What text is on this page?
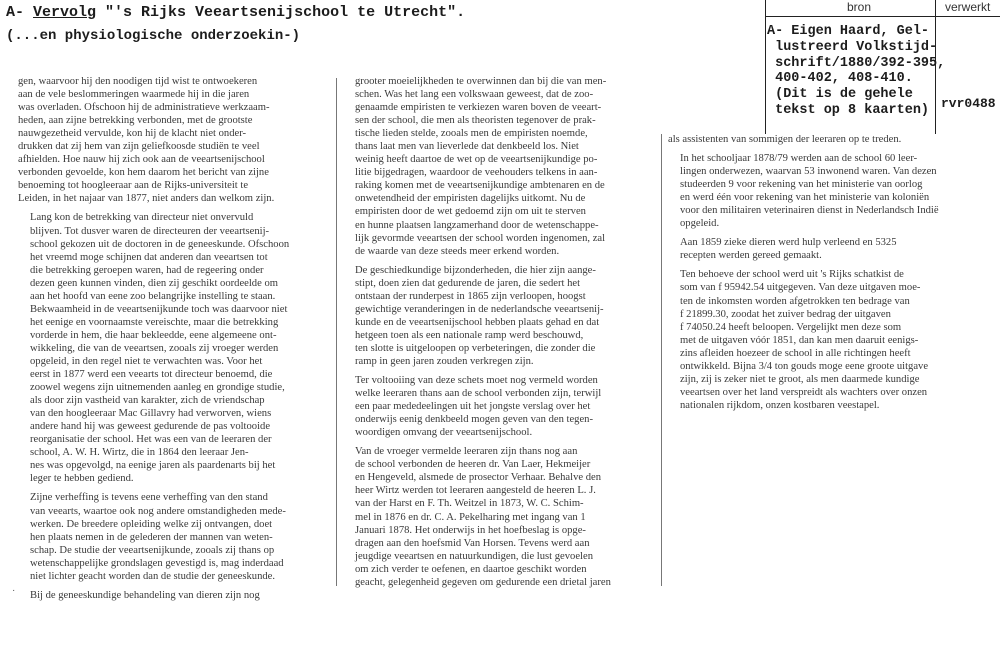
A- Vervolg "'s Rijks Veeartsenijschool te Utrecht".
(...en physiologische onderzoekin-)
bron	verwerkt
A- Eigen Haard, Gel-
lustreerd Volkstijd-
schrift/1880/392-395,
400-402, 408-410.
(Dit is de gehele
tekst op 8 kaarten) rvr0488
gen, waarvoor hij den noodigen tijd wist te ontwoekeren
aan de vele beslommeringen waarmede hij in die jaren
was overladen. Ofschoon hij de administratieve werkzaam-
heden, aan zijne betrekking verbonden, met de grootste
nauwgezetheid vervulde, kon hij de klacht niet onder-
drukken dat zij hem van zijn geliefkoosde studiën te veel
afhielden. Hoe nauw hij zich ook aan de veeartsenijschool
verbonden gevoelde, kon hem daarom het bericht van zijne
benoeming tot hoogleeraar aan de Rijks-universiteit te
Leiden, in het najaar van 1877, niet anders dan welkom zijn.
Lang kon de betrekking van directeur niet onvervuld
blijven. Tot dusver waren de directeuren der veeartsenij-
school gekozen uit de doctoren in de geneeskunde. Ofschoon
het vreemd moge schijnen dat anderen dan veeartsen tot
die betrekking geroepen waren, had de regeering onder
dezen geen kunnen vinden, dien zij geschikt oordeelde om
aan het hoofd van eene zoo belangrijke instelling te staan.
Bekwaamheid in de veeartsenijkunde toch was daarvoor niet
het eenige en voornaamste vereischte, maar die betrekking
vorderde in hem, die haar bekleedde, eene algemeene ont-
wikkeling, die van de veeartsen, zooals zij vroeger werden
opgeleid, in den regel niet te verwachten was. Voor het
eerst in 1877 werd een veearts tot directeur benoemd, die
zoowel wegens zijn uitnemenden aanleg en grondige studie,
als door zijn vastheid van karakter, zich de vriendschap
van den hoogleeraar Mac Gillavry had verworven, wiens
andere hand hij was geweest gedurende de pas voltooide
reorganisatie der school. Het was een van de leeraren der
school, A. W. H. Wirtz, die in 1864 den leeraar Jen-
nes was opgevolgd, na eenige jaren als paardenarts bij het
leger te hebben gediend.
Zijne verheffing is tevens eene verheffing van den stand
van veearts, waartoe ook nog andere omstandigheden mede-
werken. De breedere opleiding welke zij ontvangen, doet
hen plaats nemen in de gelederen der mannen van weten-
schap. De studie der veeartsenijkunde, zooals zij thans op
wetenschappelijke grondslagen gevestigd is, mag inderdaad
niet lichter geacht worden dan de studie der geneeskunde.
Bij de geneeskundige behandeling van dieren zijn nog
grooter moeielijkheden te overwinnen dan bij die van men-
schen. Was het lang een volkswaan geweest, dat de zoo-
genaamde empiristen te verkiezen waren boven de veeart-
sen der school, die men als theoristen tegenover de prak-
tische lieden stelde, zooals men de empiristen noemde,
thans laat men van lieverlede dat denkbeeld los. Niet
weinig heeft daartoe de wet op de veeartsenijkundige po-
litie bijgedragen, waardoor de veehouders telkens in aan-
raking komen met de veeartsenijkundige ambtenaren en de
onwetendheid der empiristen dagelijks uitkomt. Nu de
empiristen door de wet gedoemd zijn om uit te sterven
en hunne plaatsen langzamerhand door de wetenschappe-
lijk gevormde veeartsen der school worden ingenomen, zal
de waarde van deze steeds meer erkend worden.
De geschiedkundige bijzonderheden, die hier zijn aange-
stipt, doen zien dat gedurende de jaren, die sedert het
ontstaan der runderpest in 1865 zijn verloopen, hoogst
gewichtige veranderingen in de nederlandsche veeartsenij-
kunde en de veeartsenijschool hebben plaats gehad en dat
hetgeen toen als een nationale ramp werd beschouwd,
ten slotte is uitgeloopen op verbeteringen, die zonder die
ramp in geen jaren zouden verkregen zijn.
Ter voltooiing van deze schets moet nog vermeld worden
welke leeraren thans aan de school verbonden zijn, terwijl
een paar mededeelingen uit het jongste verslag over het
onderwijs eenig denkbeeld mogen geven van den tegen-
woordigen omvang der veeartsenijschool.
Van de vroeger vermelde leeraren zijn thans nog aan
de school verbonden de heeren dr. Van Laer, Hekmeijer
en Hengeveld, alsmede de prosector Verhaar. Behalve den
heer Wirtz werden tot leeraren aangesteld de heeren L. J.
van der Harst en F. Th. Weitzel in 1873, W. C. Schim-
mel in 1876 en dr. C. A. Pekelharing met ingang van 1
Januari 1878. Het onderwijs in het hoefbeslag is opge-
dragen aan den hoefsmid Van Horsen. Tevens werd aan
jeugdige veeartsen en natuurkundigen, die lust gevoelen
om zich verder te oefenen, en daartoe geschikt worden
geacht, gelegenheid gegeven om gedurende een drietal jaren
als assistenten van sommigen der leeraren op te treden.
In het schooljaar 1878/79 werden aan de school 60 leer-
lingen onderwezen, waarvan 53 inwonend waren. Van dezen
studeerden 9 voor rekening van het ministerie van oorlog
en werd één voor rekening van het ministerie van koloniën
voor den militairen veterinairen dienst in Nederlandsch Indië
opgeleid.
Aan 1859 zieke dieren werd hulp verleend en 5325
recepten werden gereed gemaakt.
Ten behoeve der school werd uit 's Rijks schatkist de
som van f 95942.54 uitgegeven. Van deze uitgaven moe-
ten de inkomsten worden afgetrokken ten bedrage van
f 21899.30, zoodat het zuiver bedrag der uitgaven
f 74050.24 heeft beloopen. Vergelijkt men deze som
met de uitgaven vóór 1851, dan kan men daaruit eenigs-
zins afleiden hoezeer de school in alle richtingen heeft
ontwikkeld. Bijna 3/4 ton gouds moge eene groote uitgave
zijn, zij is zeker niet te groot, als men daarmede kundige
veeartsen over het land verspreidt als wachters over onzen
nationalen rijkdom, onzen kostbaren veestapel.
·
